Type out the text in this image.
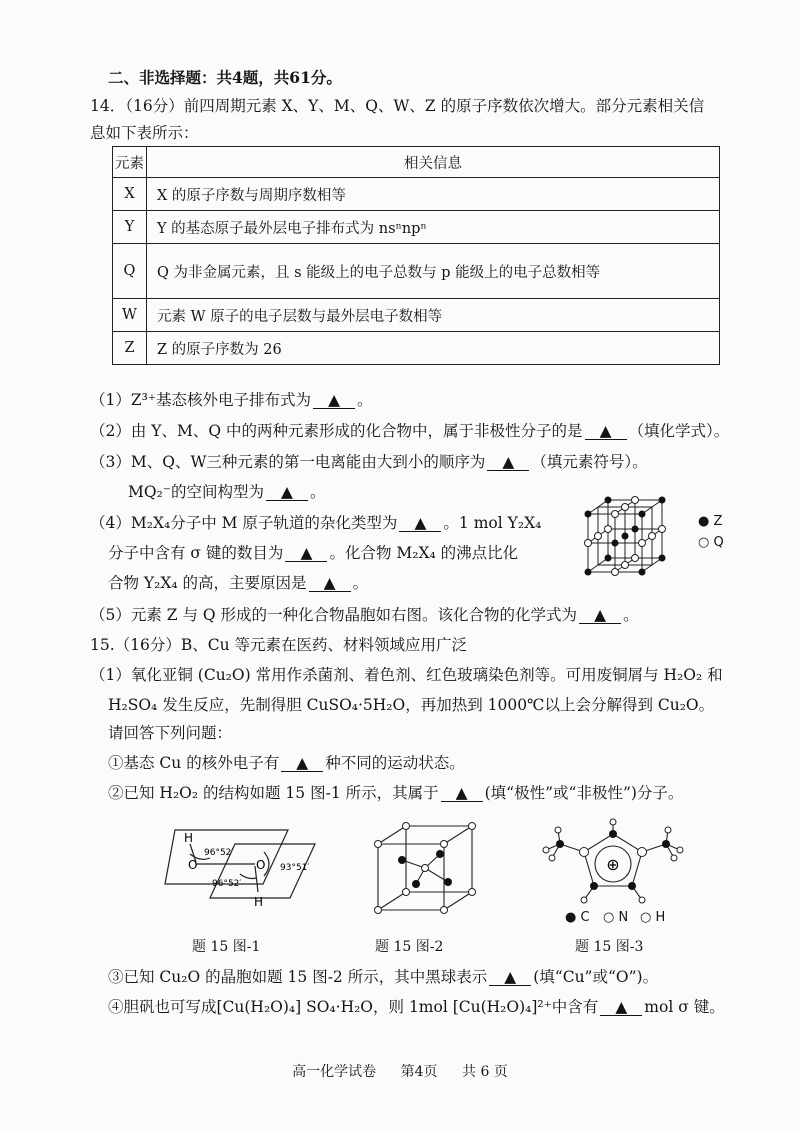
二、非选择题：共4题，共61分。
14．（16分）前四周期元素 X、Y、M、Q、W、Z 的原子序数依次增大。部分元素相关信
息如下表所示：
元素	相关信息
X	X 的原子序数与周期序数相等
Y	Y 的基态原子最外层电子排布式为 nsⁿnpⁿ
Q	Q 为非金属元素，且 s 能级上的电子总数与 p 能级上的电子总数相等
W	元素 W 原子的电子层数与最外层电子数相等
Z	Z 的原子序数为 26
（1）Z³⁺基态核外电子排布式为 ▲ 。
（2）由 Y、M、Q 中的两种元素形成的化合物中，属于非极性分子的是 ▲ （填化学式）。
（3）M、Q、W三种元素的第一电离能由大到小的顺序为 ▲ （填元素符号）。
MQ₂⁻的空间构型为 ▲ 。
（4）M₂X₄分子中 M 原子轨道的杂化类型为 ▲ 。1 mol Y₂X₄
分子中含有 σ 键的数目为 ▲ 。化合物 M₂X₄ 的沸点比化
合物 Y₂X₄ 的高，主要原因是 ▲ 。
● Z
○ Q
（5）元素 Z 与 Q 形成的一种化合物晶胞如右图。该化合物的化学式为 ▲ 。
15.（16分）B、Cu 等元素在医药、材料领域应用广泛
（1）氧化亚铜 (Cu₂O) 常用作杀菌剂、着色剂、红色玻璃染色剂等。可用废铜屑与 H₂O₂ 和
H₂SO₄ 发生反应，先制得胆 CuSO₄·5H₂O，再加热到 1000℃以上会分解得到 Cu₂O。
请回答下列问题：
①基态 Cu 的核外电子有 ▲ 种不同的运动状态。
②已知 H₂O₂ 的结构如题 15 图-1 所示，其属于 ▲ (填“极性”或“非极性”)分子。
H
O	O
H
96°52′
93°51′
96°52′
⊕
● C ○ N ○ H
题 15 图-1	题 15 图-2	题 15 图-3
③已知 Cu₂O 的晶胞如题 15 图-2 所示，其中黑球表示 ▲ (填“Cu”或“O”)。
④胆矾也可写成[Cu(H₂O)₄] SO₄·H₂O，则 1mol [Cu(H₂O)₄]²⁺中含有 ▲ mol σ 键。
高一化学试卷 第4页 共 6 页
